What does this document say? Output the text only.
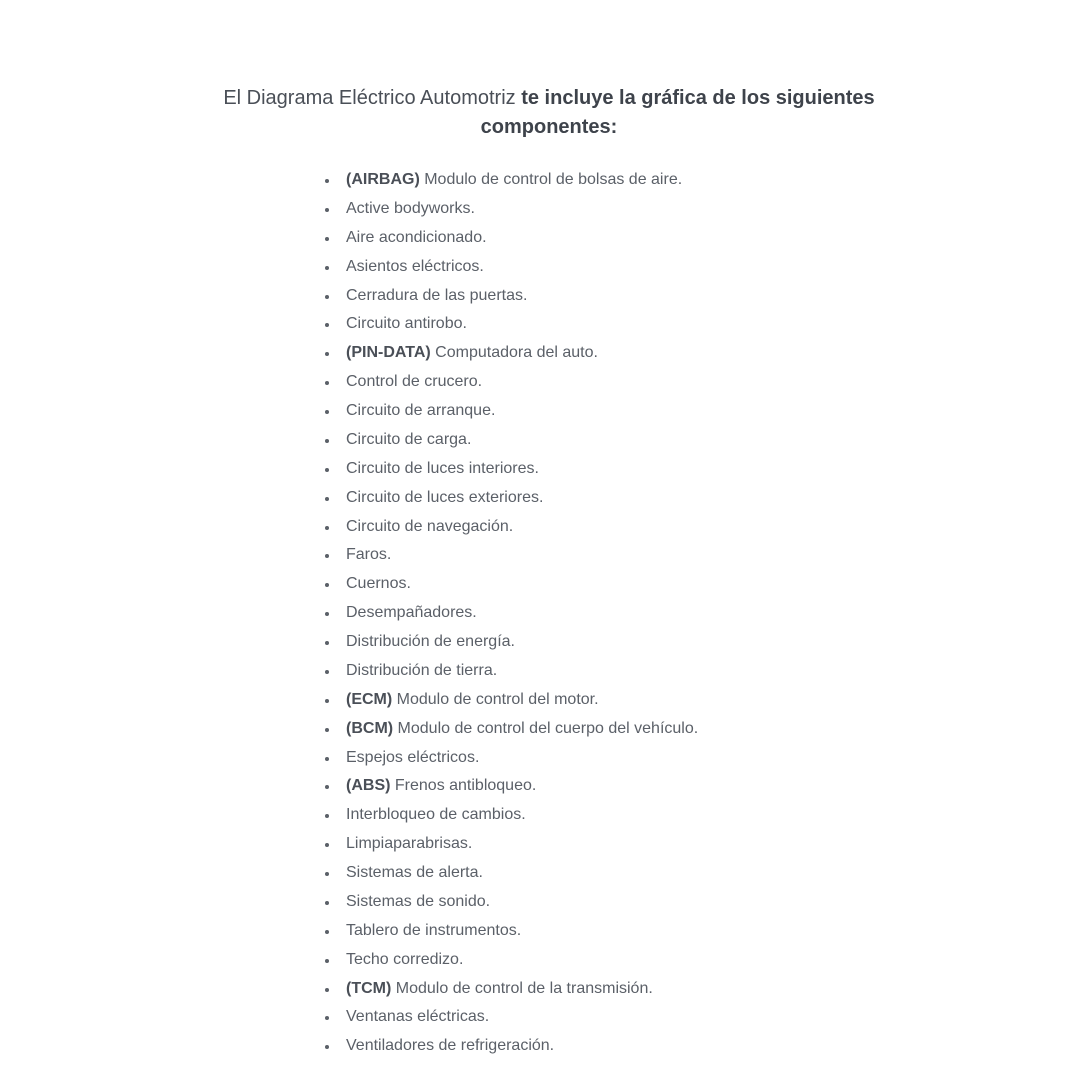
El Diagrama Eléctrico Automotriz te incluye la gráfica de los siguientes componentes:
(AIRBAG) Modulo de control de bolsas de aire.
Active bodyworks.
Aire acondicionado.
Asientos eléctricos.
Cerradura de las puertas.
Circuito antirobo.
(PIN-DATA) Computadora del auto.
Control de crucero.
Circuito de arranque.
Circuito de carga.
Circuito de luces interiores.
Circuito de luces exteriores.
Circuito de navegación.
Faros.
Cuernos.
Desempañadores.
Distribución de energía.
Distribución de tierra.
(ECM) Modulo de control del motor.
(BCM) Modulo de control del cuerpo del vehículo.
Espejos eléctricos.
(ABS) Frenos antibloqueo.
Interbloqueo de cambios.
Limpiaparabrisas.
Sistemas de alerta.
Sistemas de sonido.
Tablero de instrumentos.
Techo corredizo.
(TCM) Modulo de control de la transmisión.
Ventanas eléctricas.
Ventiladores de refrigeración.
